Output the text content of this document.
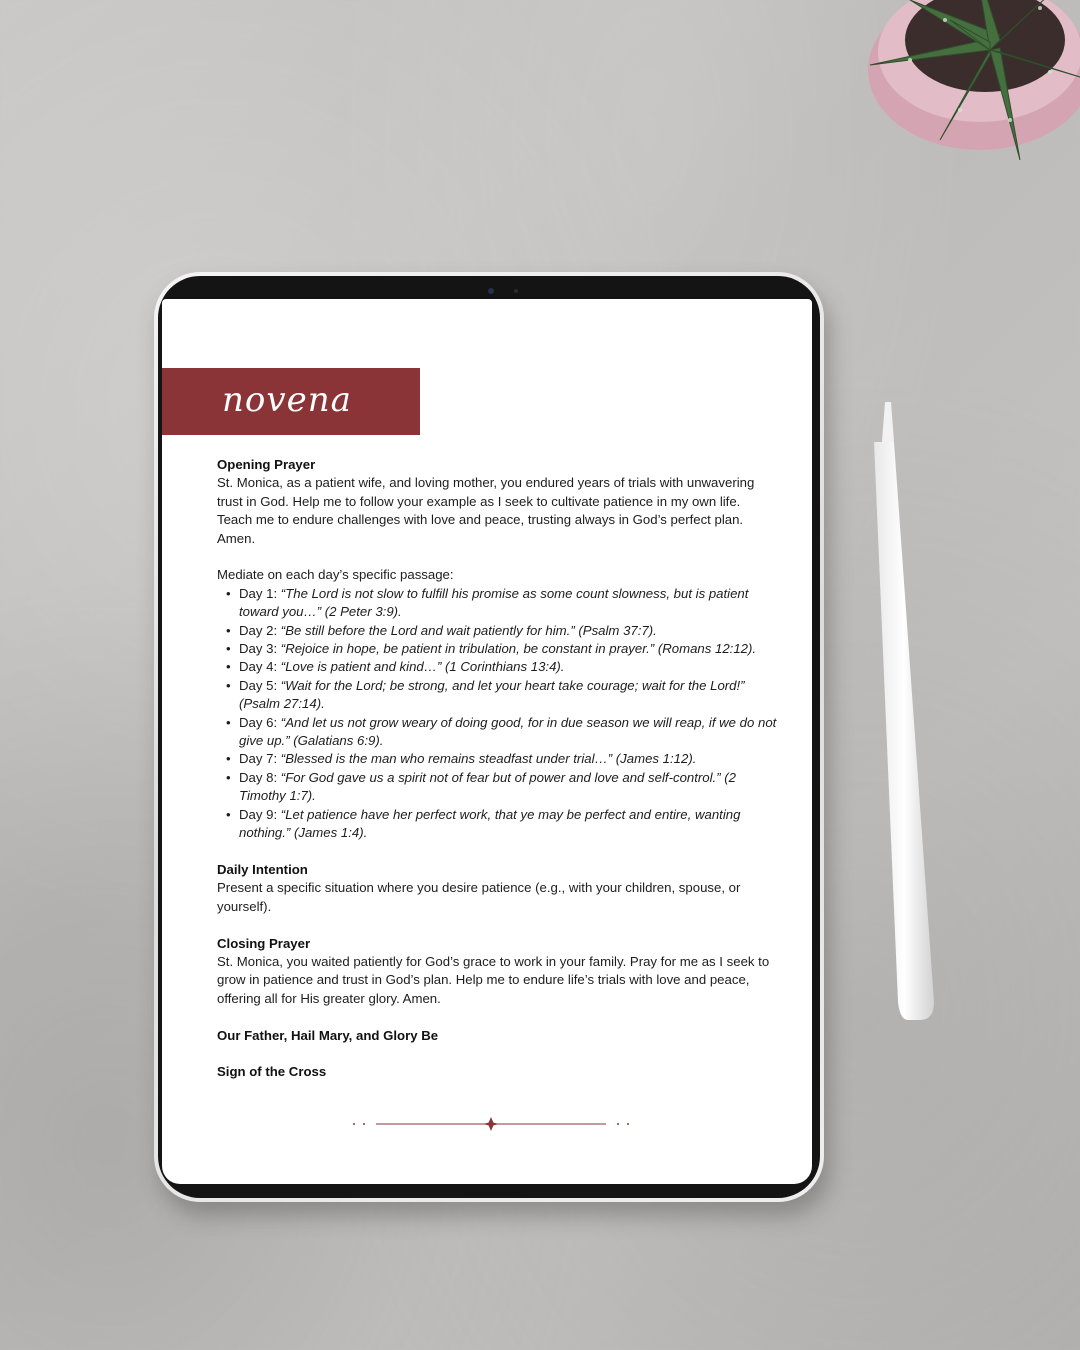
novena
Opening Prayer

St. Monica, as a patient wife, and loving mother, you endured years of trials with unwavering trust in God. Help me to follow your example as I seek to cultivate patience in my own life. Teach me to endure challenges with love and peace, trusting always in God’s perfect plan. Amen.

Mediate on each day’s specific passage:
• Day 1: “The Lord is not slow to fulfill his promise as some count slowness, but is patient toward you…” (2 Peter 3:9).
• Day 2: “Be still before the Lord and wait patiently for him.” (Psalm 37:7).
• Day 3: “Rejoice in hope, be patient in tribulation, be constant in prayer.” (Romans 12:12).
• Day 4: “Love is patient and kind…” (1 Corinthians 13:4).
• Day 5: “Wait for the Lord; be strong, and let your heart take courage; wait for the Lord!” (Psalm 27:14).
• Day 6: “And let us not grow weary of doing good, for in due season we will reap, if we do not give up.” (Galatians 6:9).
• Day 7: “Blessed is the man who remains steadfast under trial…” (James 1:12).
• Day 8: “For God gave us a spirit not of fear but of power and love and self-control.” (2 Timothy 1:7).
• Day 9: “Let patience have her perfect work, that ye may be perfect and entire, wanting nothing.” (James 1:4).
Daily Intention

Present a specific situation where you desire patience (e.g., with your children, spouse, or yourself).

Closing Prayer

St. Monica, you waited patiently for God’s grace to work in your family. Pray for me as I seek to grow in patience and trust in God’s plan. Help me to endure life’s trials with love and peace, offering all for His greater glory. Amen.

Our Father, Hail Mary, and Glory Be
Sign of the Cross
